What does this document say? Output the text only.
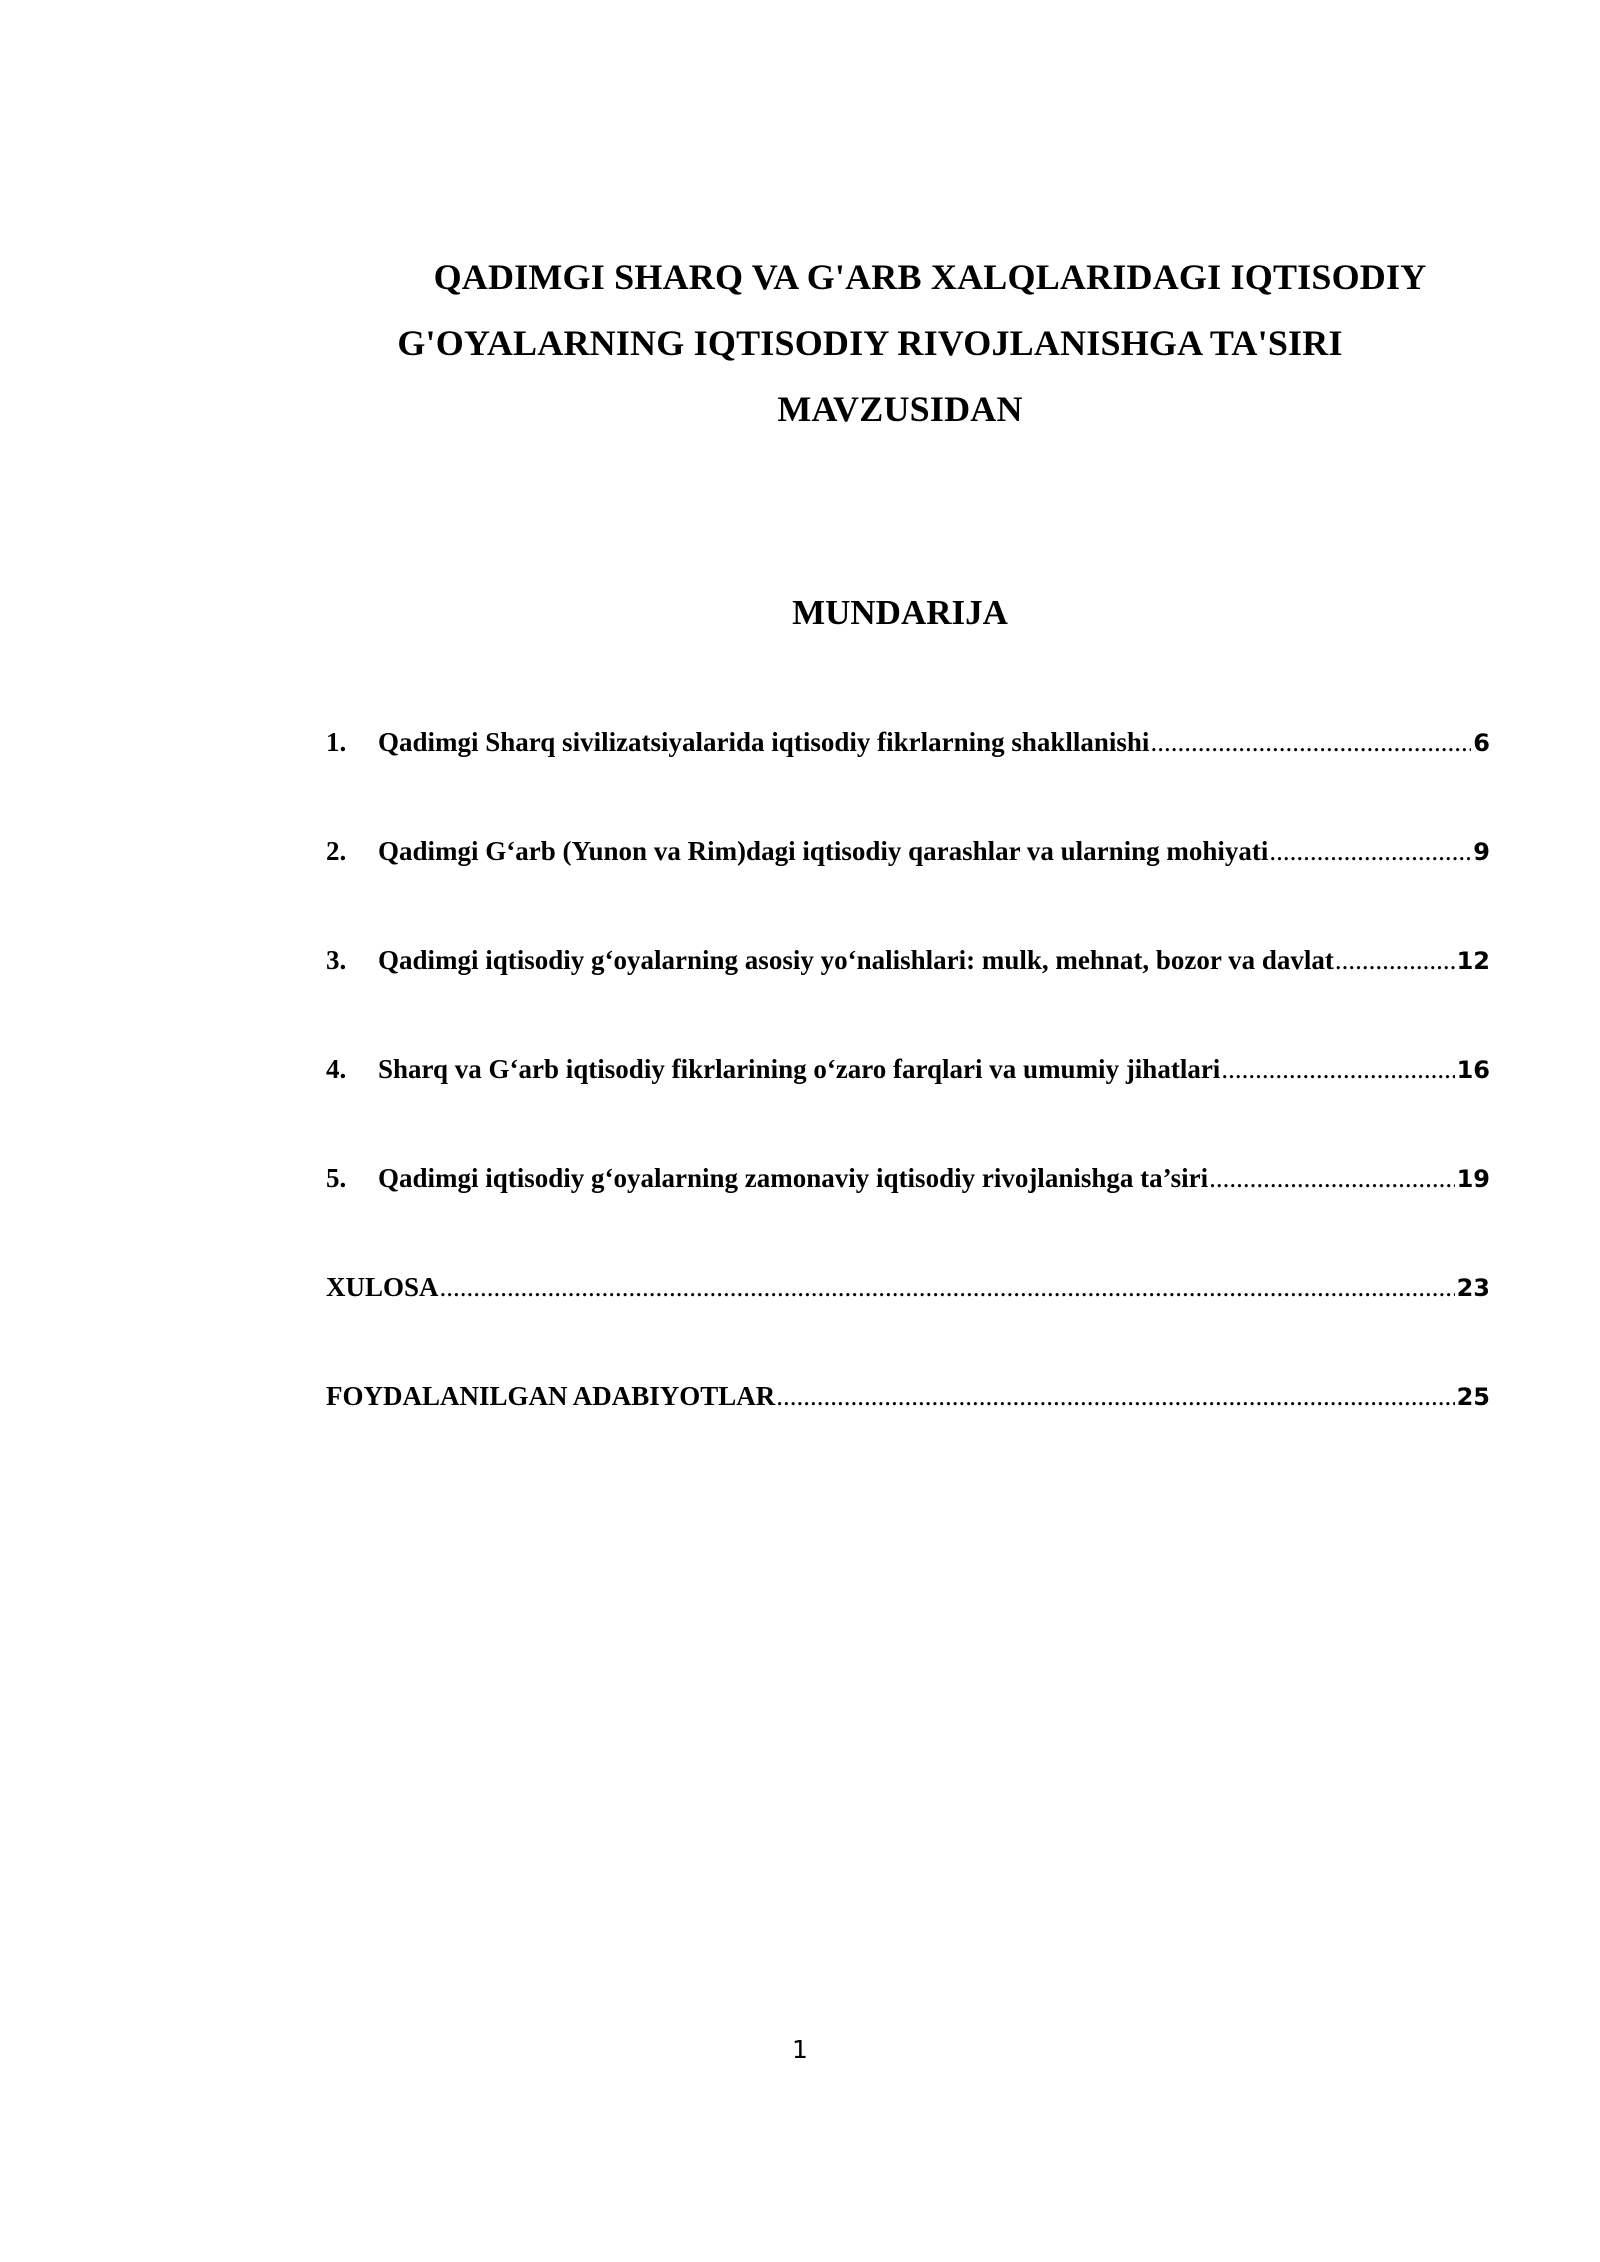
QADIMGI SHARQ VA G'ARB XALQLARIDAGI IQTISODIY
G'OYALARNING IQTISODIY RIVOJLANISHGA TA'SIRI
MAVZUSIDAN
MUNDARIJA
1.	Qadimgi Sharq sivilizatsiyalarida iqtisodiy fikrlarning shakllanishi .....	6
2.	Qadimgi G‘arb (Yunon va Rim)dagi iqtisodiy qarashlar va ularning mohiyati .....	9
3.	Qadimgi iqtisodiy g‘oyalarning asosiy yo‘nalishlari: mulk, mehnat, bozor va davlat .....	12
4.	Sharq va G‘arb iqtisodiy fikrlarining o‘zaro farqlari va umumiy jihatlari .....	16
5.	Qadimgi iqtisodiy g‘oyalarning zamonaviy iqtisodiy rivojlanishga ta’siri .....	19
XULOSA .....	23
FOYDALANILGAN ADABIYOTLAR .....	25
1
